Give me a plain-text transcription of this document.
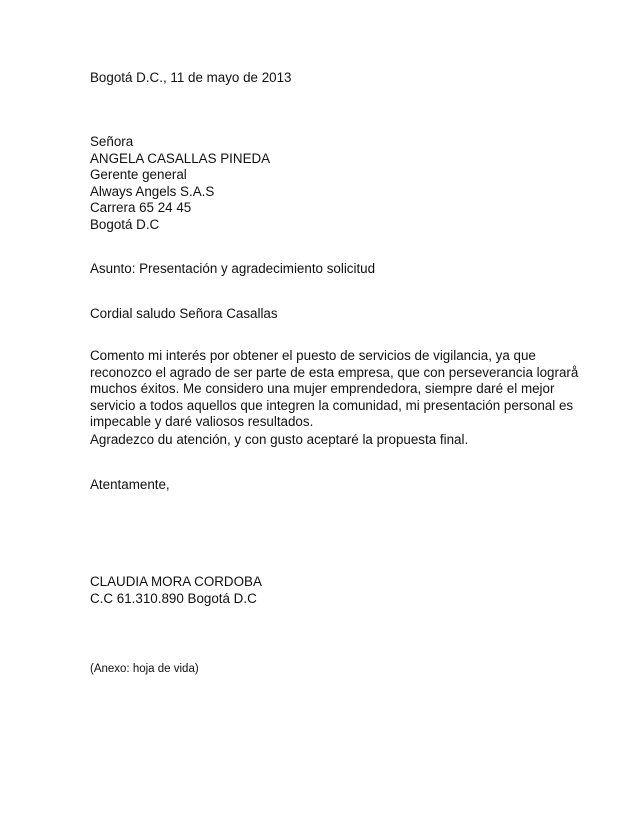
Bogotá D.C., 11 de mayo de 2013
Señora
ANGELA CASALLAS PINEDA
Gerente general
Always Angels S.A.S
Carrera 65 24 45
Bogotá D.C
Asunto: Presentación y agradecimiento solicitud
Cordial saludo Señora Casallas
Comento mi interés por obtener el puesto de servicios de vigilancia, ya que
reconozco el agrado de ser parte de esta empresa, que con perseverancia lograrå
muchos éxitos. Me considero una mujer emprendedora, siempre daré el mejor
servicio a todos aquellos que integren la comunidad, mi presentación personal es
impecable y daré valiosos resultados.
Agradezco du atención, y con gusto aceptaré la propuesta final.
Atentamente,
CLAUDIA MORA CORDOBA
C.C 61.310.890 Bogotá D.C
(Anexo: hoja de vida)
